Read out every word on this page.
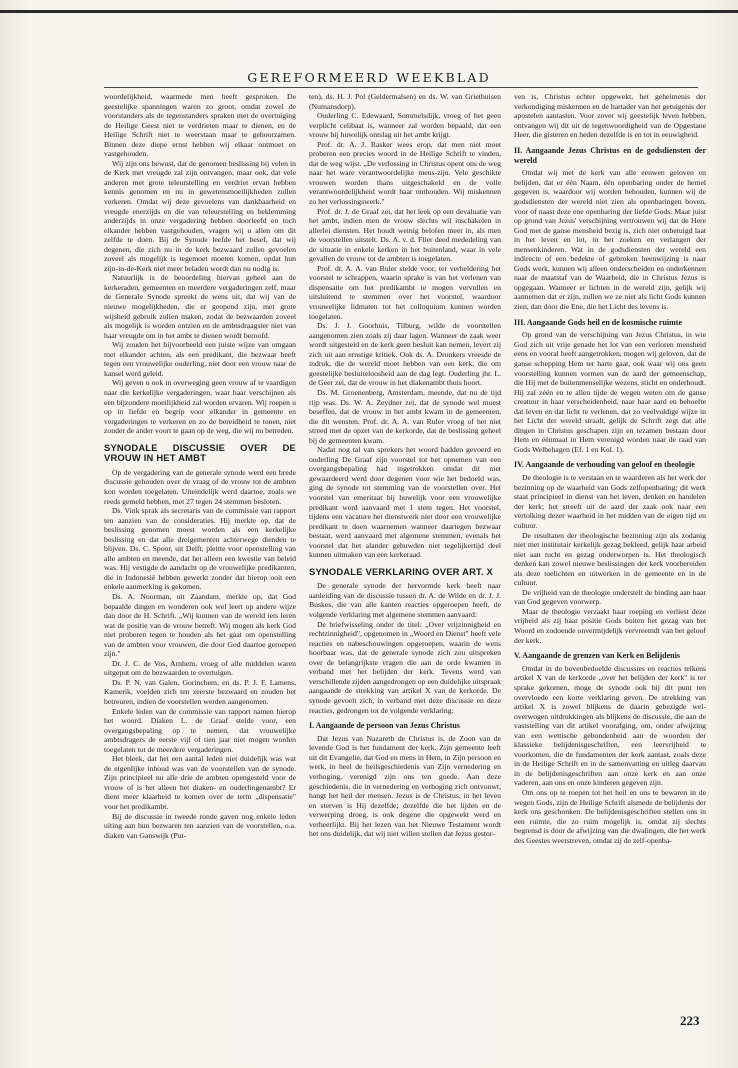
GEREFORMEERD WEEKBLAD

woordelijkheid, waarmede men heeft gesproken. De geestelijke spanningen waren zo groot, omdat zowel de voorstanders als de tegenstanders spraken met de overtuiging de Heilige Geest niet te verdrieten maar te dienen, en de Heilige Schrift niet te weerstaan maar te gehoorzamen. Binnen deze diepe ernst hebben wij elkaar ontmoet en vastgehouden.

Wij zijn ons bewust, dat de genomen beslissing bij velen in de Kerk met vreugde zal zijn ontvangen, maar ook, dat vele anderen met grote teleurstelling en verdriet ervan hebben kennis genomen en nu in gewetensmoeilijkheden zullen verkeren. Omdat wij deze gevoelens van dankbaarheid en vreugde enerzijds en die van teleurstelling en beklemming anderzijds in onze vergadering hebben doorleefd en toch elkander hebben vastgehouden, vragen wij u allen om dit zelfde te doen. Bij de Synode leefde het besef, dat wij degenen, die zich nu in de kerk bezwaard zullen gevoelen zoveel als mogelijk is tegemoet moeten komen, opdat hun zijn-in-de-Kerk niet meer beladen wordt dan nu nodig is.

Natuurlijk is de beoordeling hiervan geheel aan de kerkeraden, gemeenten en meerdere vergaderingen zelf, maar de Generale Synode spreekt de wens uit, dat wij van de nieuwe mogelijkheden, die er geopend zijn, met grote wijsheid gebruik zullen maken, zodat de bezwaarden zoveel als mogelijk is worden ontzien en de ambtsdraagster niet van haar vreugde om in het ambt te dienen wordt beroofd.

Wij zouden het bijvoorbeeld een juiste wijze van omgaan met elkander achten, als een predikant, die bezwaar heeft tegen een vrouwelijke ouderling, niet door een vrouw naar de kansel werd geleid.

Wij geven u ook in overweging geen vrouw af te vaardigen naar die kerkelijke vergaderingen, waar haar verschijnen als een bijzondere moeilijkheid zal worden ervaren. Wij roepen u op in liefde en begrip voor elkander in gemeente en vergaderingen te verkeren en zo de bereidheid te tonen, niet zonder de ander voort te gaan op de weg, die wij nu betreden.

SYNODALE DISCUSSIE OVER DE VROUW IN HET AMBT

Op de vergadering van de generale synode werd een brede discussie gehouden over de vraag of de vrouw tot de ambten kon worden toegelaten. Uiteindelijk werd daartoe, zoals we reeds gemeld hebben, met 27 tegen 24 stemmen besloten.

Ds. Vink sprak als secretaris van de commissie van rapport ten aanzien van de consideraties. Hij merkte op, dat de beslissing genomen moest worden als een kerkelijke beslissing en dat alle dreigementen achterwege dienden te blijven. Ds. C. Spoor, uit Delft, pleitte voor openstelling van alle ambten en meende, dat het alleen een kwestie van beleid was. Hij vestigde de aandacht op de vrouwelijke predikanten, die in Indonesië hebben gewerkt zonder dat hierop ooit een enkele aanmerking is gekomen.

Ds. A. Noorman, uit Zaandam, merkte op, dat God bepaalde dingen en wonderen ook wel leert op andere wijze dan door de H. Schrift. „Wij kunnen van de wereld iets leren wat de positie van de vrouw betreft. Wij mogen als kerk God niet proberen tegen te houden als het gaat om openstelling van de ambten voor vrouwen, die door God daartoe geroepen zijn."

Dr. J. C. de Vos, Arnhem, vroeg of alle middelen waren uitgeput om de bezwaarden te overtuigen.

Ds. P. N. van Galen, Gorinchem, en ds. P. J. F. Lamens, Kamerik, voelden zich ten zeerste bezwaard en zouden het betreuren, indien de voorstellen werden aangenomen.

Enkele leden van de commissie van rapport namen hierop het woord. Diaken L. de Graaf stelde voor, een overgangsbepaling op te nemen, dat vrouwelijke ambtsdragers de eerste vijf of tien jaar niet mogen worden toegelaten tot de meerdere vergaderingen.

Het bleek, dat het een aantal leden niet duidelijk was wat de eigenlijke inhoud was van de voorstellen van de synode. Zijn principieel nu alle drie de ambten opengesteld voor de vrouw of is het alleen het diaken- en ouderlingenambt? Er dient meer klaarheid te komen over de term „dispensatie" voor het predikambt.

Bij de discussie in tweede ronde gaven nog enkele leden uiting aan hun bezwaren ten aanzien van de voorstellen, o.a. diaken van Ganswijk (Put-

ten), ds. H. J. Pol (Geldermalsen) en ds. W. van Griethuisen (Numansdorp).

Ouderling C. Edewaard, Sommelsdijk, vroeg of het geen verplicht celibaat is, wanneer zal worden bepaald, dat een vrouw bij huwelijk ontslag uit het ambt krijgt.

Prof. dr. A. J. Rasker wees erop, dat men niet moet proberen een precies woord in de Heilige Schrift te vinden, dat de weg wijst. „De verlossing in Christus opent ons de weg naar het ware verantwoordelijke mens-zijn. Vele geschikte vrouwen worden thans uitgeschakeld en de volle verantwoordelijkheid wordt haar onthouden. Wij miskennen zo het verlossingswerk."

Prof. dr. J. de Graaf zei, dat het leek op een devaluatie van het ambt, indien men de vrouw slechts wil inschakelen in allerlei diensten. Het houdt weinig belofen meer in, als men de voorstellen uitstelt. Ds. A. v. d. Flier deed mededeling van de situatie in enkele kerken in het buitenland, waar in vele gevallen de vrouw tot de ambten is toegelaten.

Prof. dr. A. A. van Ruler stelde voor, ter verheldering het voorstel te schrappen, waarin sprake is van het verlenen van dispensatie om het predikambt te mogen vervullen en uitsluitend te stemmen over het voorstel, waardoor vrouwelijke lidmaten tot het colloquium kunnen worden toegelaten.

Ds. J. J. Goorhuis, Tilburg, wilde de voorstellen aangenomen zien zoals zij daar lagen. Wanneer de zaak weer wordt uitgesteld en de kerk geen besluit kan nemen, levert zij zich uit aan ernstige kritiek. Ook ds. A. Dronkers vreesde de indruk, die de wereld moet hebben van een kerk, die om geestelijke besluiteloosheid aan de dag legt. Ouderling jhr. L. de Geer zei, dat de vrouw in het diakenambt thuis hoort.

Ds. M. Groenenberg, Amsterdam, meende, dat nu de tijd rijp was. Ds. W. A. Zeydner zei, dat de synode wel moest beseffen, dat de vrouw in het ambt kwam in de gemeenten, die dit wensten. Prof. dr. A. A. van Ruler vroeg of het niet streed met de opzet van de kerkorde, dat de beslissing geheel bij de gemeenten kwam.

Nadat nog tal van sprekers het woord hadden gevoerd en ouderling De Graaf zijn voorstel tot het opnemen van een overgangsbepaling had ingetrokken omdat dit niet gewaardeerd werd door degenen voor wie het bedoeld was, ging de synode tot stemming van de voorstellen over. Het voorstel van emeritaat bij huwelijk voor een vrouwelijke predikant werd aanvaard met 1 stem tegen. Het voorstel, tijdens een vacature het dienstwerk niet door een vrouwelijke predikant te doen waarnemen wanneer daartegen bezwaar bestaat, werd aanvaard met algemene stemmen, evenals het voorstel dat het alander gehuwden niet tegelijkertijd deel kunnen uitmaken van een kerkeraad.

SYNODALE VERKLARING OVER ART. X

De generale synode der hervormde kerk heeft naar aanleiding van de discussie tussen dr. A. de Wilde en dr. J. J. Buskes, die van alle kanten reacties opgeroepen heeft, de volgende verklaring met algemene stemmen aanvaard:

De briefwisseling onder de titel: „Over vrijzinnigheid en rechtzinnigheid", opgenomen in „Woord en Dienst" heeft vele reacties en nabeschouwingen opgeroepen, waarin de wens hoorbaar was, dat de generale synode zich zou uitspreken over de belangrijkste vragen die aan de orde kwamen in verband met het belijden der kerk. Tevens werd van verschillende zijden aangedrongen op een duidelijke uitspraak aangaande de strekking van artikel X van de kerkorde. De synode gevoelt zich, in verband met deze discussie en deze reacties, gedrongen tot de volgende verklaring:

I. Aangaande de persoon van Jezus Christus

Dat Jezus van Nazareth de Christus is, de Zoon van de levende God is het fundament der kerk. Zijn gemeente leeft uit dit Evangelie, dat God en mens in Hem, in Zijn persoon en werk, in heel de heilsgeschiedenis van Zijn vernedering en verhoging, verenigd zijn ons ten goede. Aan deze geschiedenis, die in vernedering en verhoging zich ontvouwt, hangt het heil der mensen. Jezus is de Christus, in het leven en sterven is Hij dezelfde; dezelfde die het lijden en de verwerping droeg, is ook degene die opgewekt werd en verheerlijkt. Bij het lezen van het Nieuwe Testament wordt het ons duidelijk, dat wij niet willen stellen dat Jezus gestor-

ven is, Christus echter opgewekt, het geheimenis der verkondiging miskennen en de hartader van het getuigenis der apostelen aantasten. Voor zover wij geestelijk leven hebben, ontvangen wij dit uit de tegenwoordigheid van de Opgestane Heer, die gisteren en heden dezelfde is en tot in eeuwigheid.

II. Aangaande Jezus Christus en de godsdiensten der wereld

Omdat wij met de kerk van alle eeuwen geloven en belijden, dat er één Naam, één openbaring onder de hemel gegeven is, waardoor wij worden behouden, kunnen wij de godsdiensten der wereld niet zien als openbaringen boven, voor of naast deze ene openbaring der liefde Gods. Maar juist op grond van Jezus' verschijning vertrouwen wij dat de Here God met de ganse mensheid bezig is, zich niet onbetuigd laat in het leven en lot, in het zoeken en verlangen der mensenkinderen. Wat in de godsdiensten der wereld een indirecte of een bedekte of gebroken heenwijzing is naar Gods werk, kunnen wij alleen onderscheiden en onderkennen naar de maatstaf van de Waarheid, die in Christus Jezus is opgegaan. Wanneer er lichten in de wereld zijn, gelijk wij aannemen dat er zijn, zullen we ze niet als licht Gods kunnen zien, dan door die Ene, die het Licht des levens is.

III. Aangaande Gods heil en de kosmische ruimte

Op grond van de verschijning van Jezus Christus, in wie God zich uit vrije genade het lot van een verloren mensheid eens en vooral heeft aangetrokken, mogen wij geloven, dat de ganse schepping Hem ter harte gaat, ook waar wij ons geen voorstelling kunnen vormen van de aard der gemeenschap, die Hij met de buitenmenselijke wezens, sticht en onderhoudt. Hij zal zéén en te allen tijde de wegen weten om de ganse creatuur in haar verscheidenheid, naar haar aard en behoefte dat leven en dat licht te verlenen, dat zo veelvuldige wijze in het Licht der wereld straalt, gelijk de Schrift zegt dat alle dingen in Christus geschapen zijn en tezamen bestaan door Hem en éénmaal in Hem verenigd worden naar de raad van Gods Welbehagen (Ef. 1 en Kol. 1).

IV. Aangaande de verhouding van geloof en theologie

De theologie is te verstaan en te waarderen als het werk der bezinning op de waarheid van Gods zelfopenbaring; dit werk staat principieel in dienst van het leven, denken en handelen der kerk; het streeft uit de aard der zaak ook naar een vertolking dezer waarheid in het midden van de eigen tijd en cultuur.

De resultaten der theologische bezinning zijn als zodanig niet met institutair kerkelijk gezag bekleed, gelijk haar arbeid niet aan tucht en gezag onderworpen is. Het theologisch denken kan zowel nieuwe beslissingen der kerk voorbereiden als deze toelichten en uitwerken in de gemeente en in de cultuur.

De vrijheid van de theologie onderstelt de binding aan haar van God gegeven voorwerp.

Maar de theologie verzaakt haar roeping en verliest deze vrijheid als zij haar positie Gods buiten het gezag van het Woord en zodoende onvermijdelijk vervreemdt van het geloof der kerk.

V. Aangaande de grenzen van Kerk en Belijdenis

Omdat in de bovenbedoelde discussies en reacties telkens artikel X van de kerkorde „over het belijden der kerk" is ter sprake gekomen, moge de synode ook bij dit punt ten overvloede een korte verklaring geven. De strekking van artikel X is zowel blijkens de daarin gebezigde wel-overwogen uitdrukkingen als blijkens de discussie, die aan de vaststelling van dit artikel voorafging, om, onder afwijzing van een wettische gebondenheid aan de woorden der klassieke belijdenisgeschriften, een leervrijheid te voorkomen, die de fundamenten der kerk aantast, zoals deze in de Heilige Schrift en in de samenvatting en uitleg daarvan in de belijdenisgeschriften aan onze kerk en aan onze vaderen, aan ons en onze kinderen gegeven zijn.

Om ons op te roepen tot het heil en ons te bewaren in de wegen Gods, zijn de Heilige Schrift alsmede de belijdenis der kerk ons geschonken. De belijdenisgeschriften stellen ons in een ruimte, die zo ruim mogelijk is, omdat zij slechts begrensd is door de afwijzing van die dwalingen, die het werk des Geestes weerstreven, omdat zij de zelf-openba-

223
